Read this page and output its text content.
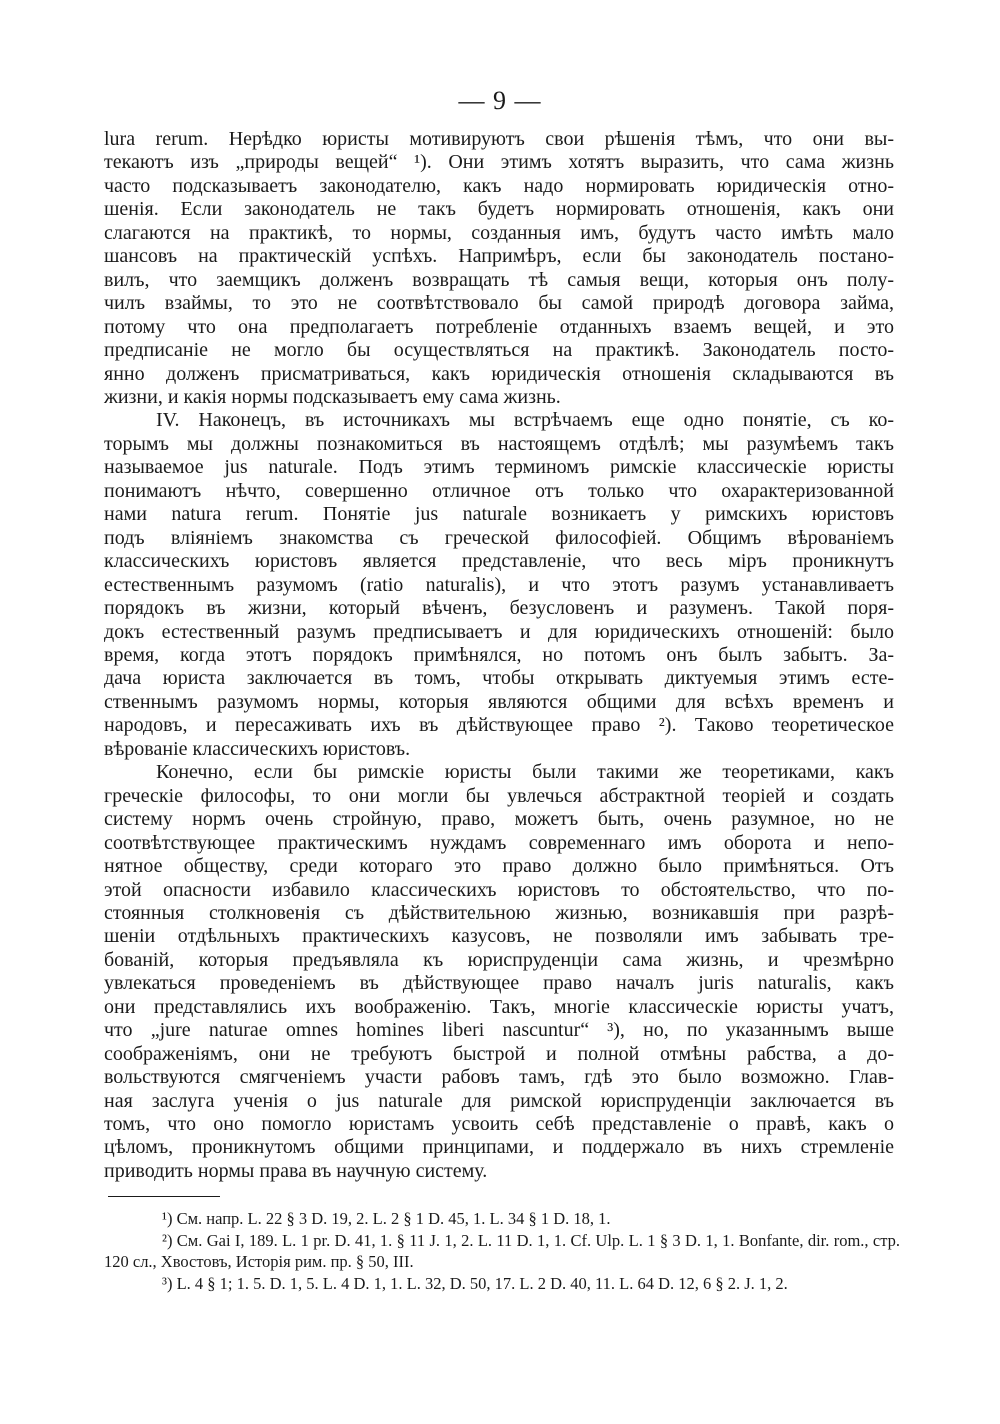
— 9 —

lura rerum. Нерѣдко юристы мотивируютъ свои рѣшенія тѣмъ, что они вы-

текаютъ изъ „природы вещей“ ¹). Они этимъ хотятъ выразить, что сама жизнь

часто подсказываетъ законодателю, какъ надо нормировать юридическія отно-

шенія. Если законодатель не такъ будетъ нормировать отношенія, какъ они

слагаются на практикѣ, то нормы, созданныя имъ, будутъ часто имѣть мало

шансовъ на практическій успѣхъ. Напримѣръ, если бы законодатель постано-

вилъ, что заемщикъ долженъ возвращать тѣ самыя вещи, которыя онъ полу-

чилъ взаймы, то это не соотвѣтствовало бы самой природѣ договора займа,

потому что она предполагаетъ потребленіе отданныхъ взаемъ вещей, и это

предписаніе не могло бы осуществляться на практикѣ. Законодатель посто-

янно долженъ присматриваться, какъ юридическія отношенія складываются въ

жизни, и какія нормы подсказываетъ ему сама жизнь.

IV. Наконецъ, въ источникахъ мы встрѣчаемъ еще одно понятіе, съ ко-

торымъ мы должны познакомиться въ настоящемъ отдѣлѣ; мы разумѣемъ такъ

называемое jus naturale. Подъ этимъ терминомъ римскіе классическіе юристы

понимаютъ нѣчто, совершенно отличное отъ только что охарактеризованной

нами natura rerum. Понятіе jus naturale возникаетъ у римскихъ юристовъ

подъ вліяніемъ знакомства съ греческой философіей. Общимъ вѣрованіемъ

классическихъ юристовъ является представленіе, что весь міръ проникнутъ

естественнымъ разумомъ (ratio naturalis), и что этотъ разумъ устанавливаетъ

порядокъ въ жизни, который вѣченъ, безусловенъ и разуменъ. Такой поря-

докъ естественный разумъ предписываетъ и для юридическихъ отношеній: было

время, когда этотъ порядокъ примѣнялся, но потомъ онъ былъ забытъ. За-

дача юриста заключается въ томъ, чтобы открывать диктуемыя этимъ есте-

ственнымъ разумомъ нормы, которыя являются общими для всѣхъ временъ и

народовъ, и пересаживать ихъ въ дѣйствующее право ²). Таково теоретическое

вѣрованіе классическихъ юристовъ.

Конечно, если бы римскіе юристы были такими же теоретиками, какъ

греческіе философы, то они могли бы увлечься абстрактной теоріей и создать

систему нормъ очень стройную, право, можетъ быть, очень разумное, но не

соотвѣтствующее практическимъ нуждамъ современнаго имъ оборота и непо-

нятное обществу, среди котораго это право должно было примѣняться. Отъ

этой опасности избавило классическихъ юристовъ то обстоятельство, что по-

стоянныя столкновенія съ дѣйствительною жизнью, возникавшія при разрѣ-

шеніи отдѣльныхъ практическихъ казусовъ, не позволяли имъ забывать тре-

бованій, которыя предъявляла къ юриспруденціи сама жизнь, и чрезмѣрно

увлекаться проведеніемъ въ дѣйствующее право началъ juris naturalis, какъ

они представлялись ихъ воображенію. Такъ, многіе классическіе юристы учатъ,

что „jure naturae omnes homines liberi nascuntur“ ³), но, по указаннымъ выше

соображеніямъ, они не требуютъ быстрой и полной отмѣны рабства, а до-

вольствуются смягченіемъ участи рабовъ тамъ, гдѣ это было возможно. Глав-

ная заслуга ученія о jus naturale для римской юриспруденціи заключается въ

томъ, что оно помогло юристамъ усвоить себѣ представленіе о правѣ, какъ о

цѣломъ, проникнутомъ общими принципами, и поддержало въ нихъ стремленіе

приводить нормы права въ научную систему.

¹) См. напр. L. 22 § 3 D. 19, 2. L. 2 § 1 D. 45, 1. L. 34 § 1 D. 18, 1.

²) См. Gai I, 189. L. 1 pr. D. 41, 1. § 11 J. 1, 2. L. 11 D. 1, 1. Cf. Ulp. L. 1 § 3 D. 1, 1. Bonfante, dir. rom., стр. 120 сл., Хвостовъ, Исторія рим. пр. § 50, III.

³) L. 4 § 1; 1. 5. D. 1, 5. L. 4 D. 1, 1. L. 32, D. 50, 17. L. 2 D. 40, 11. L. 64 D. 12, 6 § 2. J. 1, 2.
